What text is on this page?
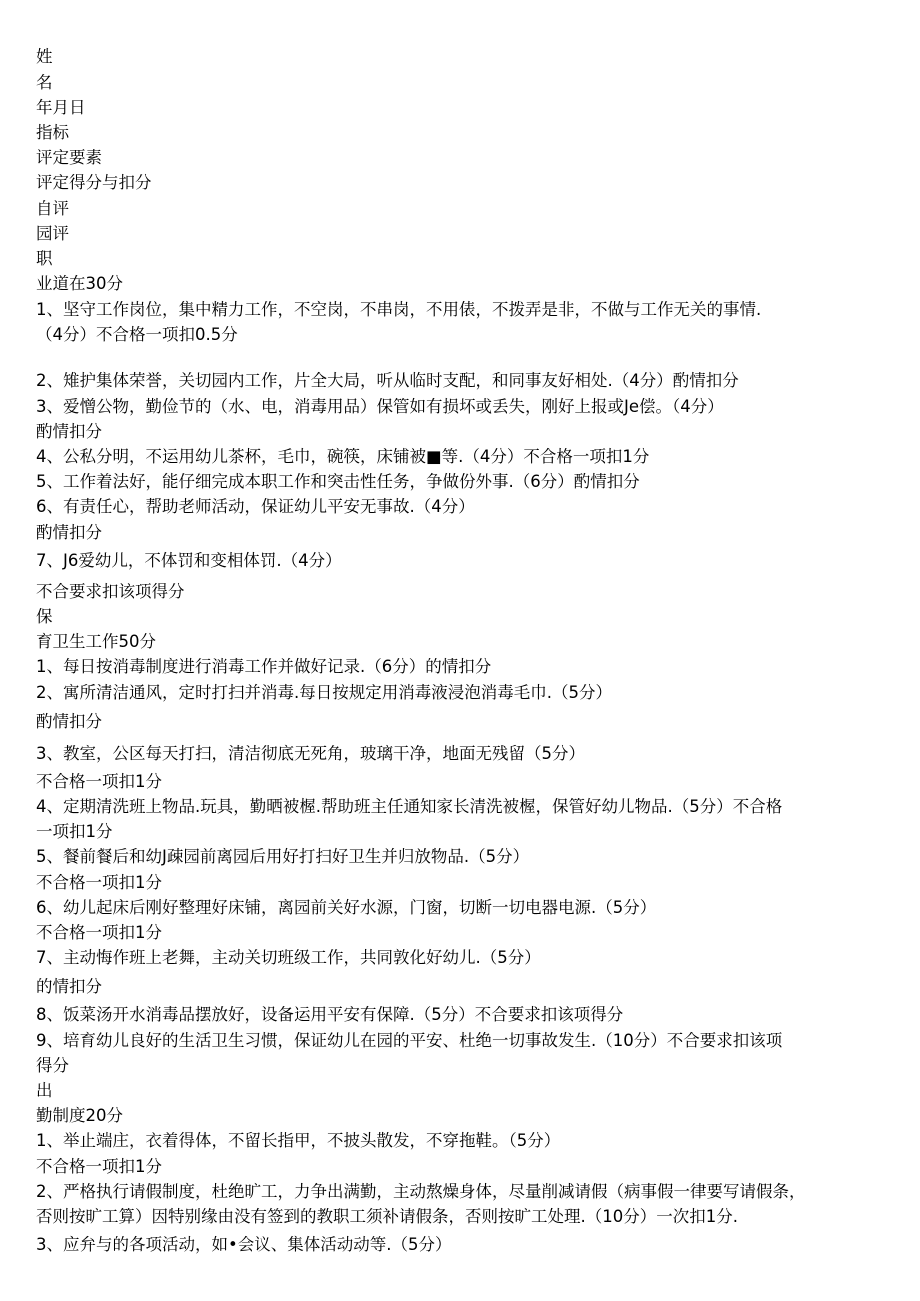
姓

名

年月日

指标

评定要素

评定得分与扣分

自评

园评

职

业道在30分

1、坚守工作岗位，集中精力工作，不空岗，不串岗，不用俵，不拨弄是非，不做与工作无关的事情.

（4分）不合格一项扣0.5分

2、雉护集体荣誉，关切园内工作，片全大局，听从临时支配，和同事友好相处.（4分）酌情扣分

3、爱憎公物，勤俭节的（水、电，消毒用品）保管如有损坏或丢失，刚好上报或Je偿。（4分）

酌情扣分

4、公私分明，不运用幼儿茶杯，毛巾，碗筷，床铺被■等.（4分）不合格一项扣1分

5、工作着法好，能仔细完成本职工作和突击性任务，争做份外事.（6分）酌情扣分

6、有责任心，帮助老师活动，保证幼儿平安无事故.（4分）

酌情扣分

7、J6爱幼儿，不体罚和变相体罚.（4分）

不合要求扣该项得分

保

育卫生工作50分

1、每日按消毒制度进行消毒工作并做好记录.（6分）的情扣分

2、寓所清洁通风，定时打扫并消毒.每日按规定用消毒液浸泡消毒毛巾.（5分）

酌情扣分

3、教室，公区每天打扫，清洁彻底无死角，玻璃干净，地面无残留（5分）

不合格一项扣1分

4、定期清洗班上物品.玩具，勤晒被楃.帮助班主任通知家长清洗被楃，保管好幼儿物品.（5分）不合格

一项扣1分

5、餐前餐后和幼J疎园前离园后用好打扫好卫生并归放物品.（5分）

不合格一项扣1分

6、幼儿起床后刚好整理好床铺，离园前关好水源，门窗，切断一切电器电源.（5分）

不合格一项扣1分

7、主动悔作班上老舞，主动关切班级工作，共同敦化好幼儿.（5分）

的情扣分

8、饭菜汤开水消毒品摆放好，设备运用平安有保障.（5分）不合要求扣该项得分

9、培育幼儿良好的生活卫生习惯，保证幼儿在园的平安、杜绝一切事故发生.（10分）不合要求扣该项

得分

出

勤制度20分

1、举止端庄，衣着得体，不留长指甲，不披头散发，不穿拖鞋。（5分）

不合格一项扣1分

2、严格执行请假制度，杜绝旷工，力争出满勤，主动熬燥身体，尽量削减请假（病事假一律要写请假条，

否则按旷工算）因特别缘由没有签到的教职工须补请假条，否则按旷工处理.（10分）一次扣1分.

3、应弁与的各项活动，如•会议、集体活动动等.（5分）
